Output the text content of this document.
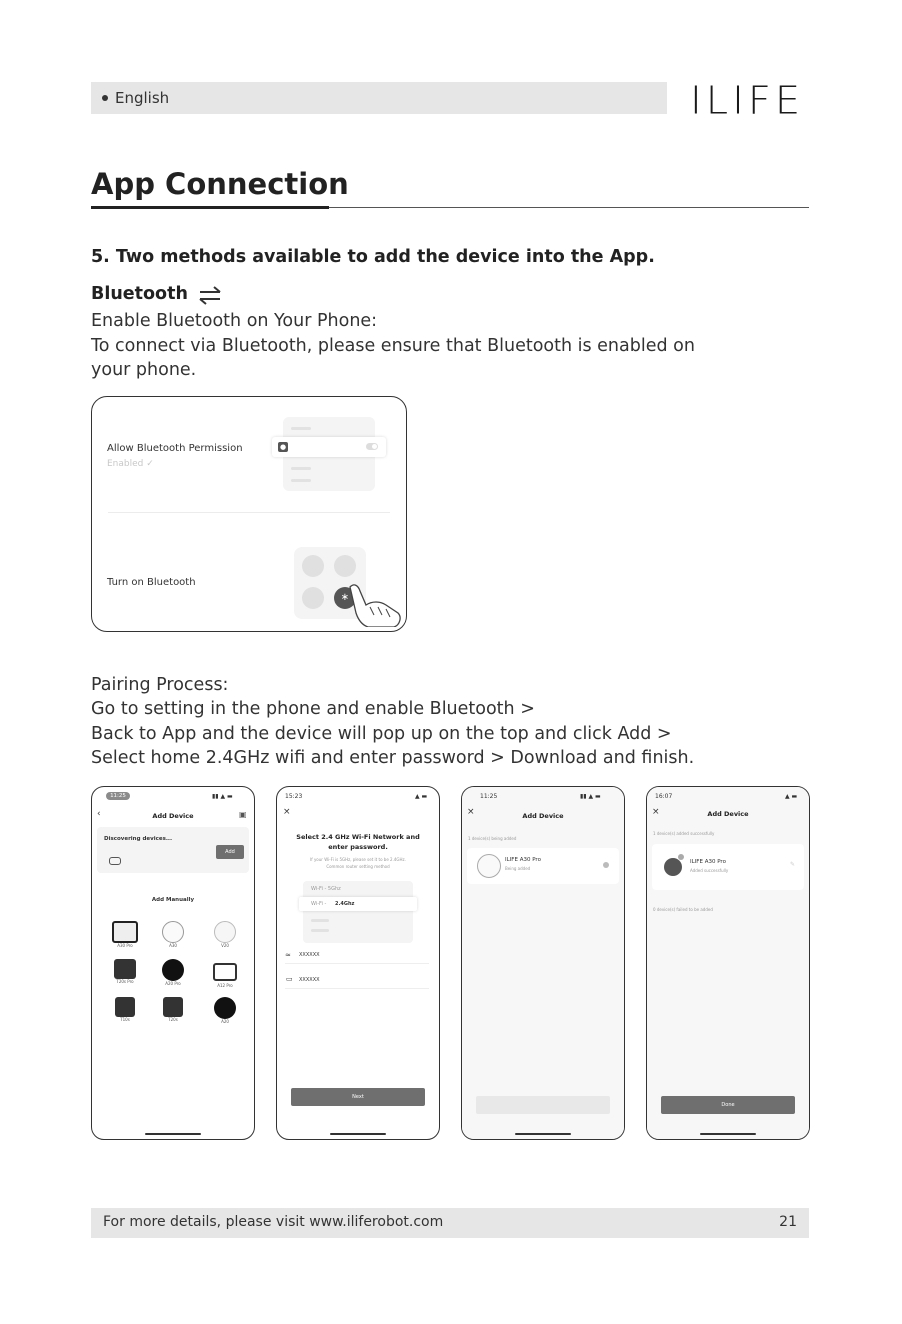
English	ILIFE
App Connection
5. Two methods available to add the device into the App.
Bluetooth
Enable Bluetooth on Your Phone:
To connect via Bluetooth, please ensure that Bluetooth is enabled on
your phone.
Allow Bluetooth Permission
Enabled ✓
●
Turn on Bluetooth
∗
Pairing Process:
Go to setting in the phone and enable Bluetooth >
Back to App and the device will pop up on the top and click Add >
Select home 2.4GHz wifi and enter password > Download and finish.
11:25	▮▮ ▲ ▬
‹	Add Device	▣
Discovering devices...
Add
Add Manually
A30 Pro	A30	V20
T20s Pro	A20 Pro	A12 Pro
T10s	T20s	A20
15:23	▲ ▬
×
Select 2.4 GHz Wi-Fi Network and
enter password.
If your Wi-Fi is 5GHz, please set it to be 2.4GHz.
Common router setting method
Wi-Fi - 5Ghz
Wi-Fi - 2.4Ghz
≈ XXXXXX
▭ XXXXXX
Next
11:25	▮▮ ▲ ▬
×	Add Device
1 device(s) being added
ILIFE A30 Pro
Being added
16:07	▲ ▬
×	Add Device
1 device(s) added successfully
ILIFE A30 Pro
Added successfully
✎
0 device(s) failed to be added
Done
For more details, please visit www.iliferobot.com	21
